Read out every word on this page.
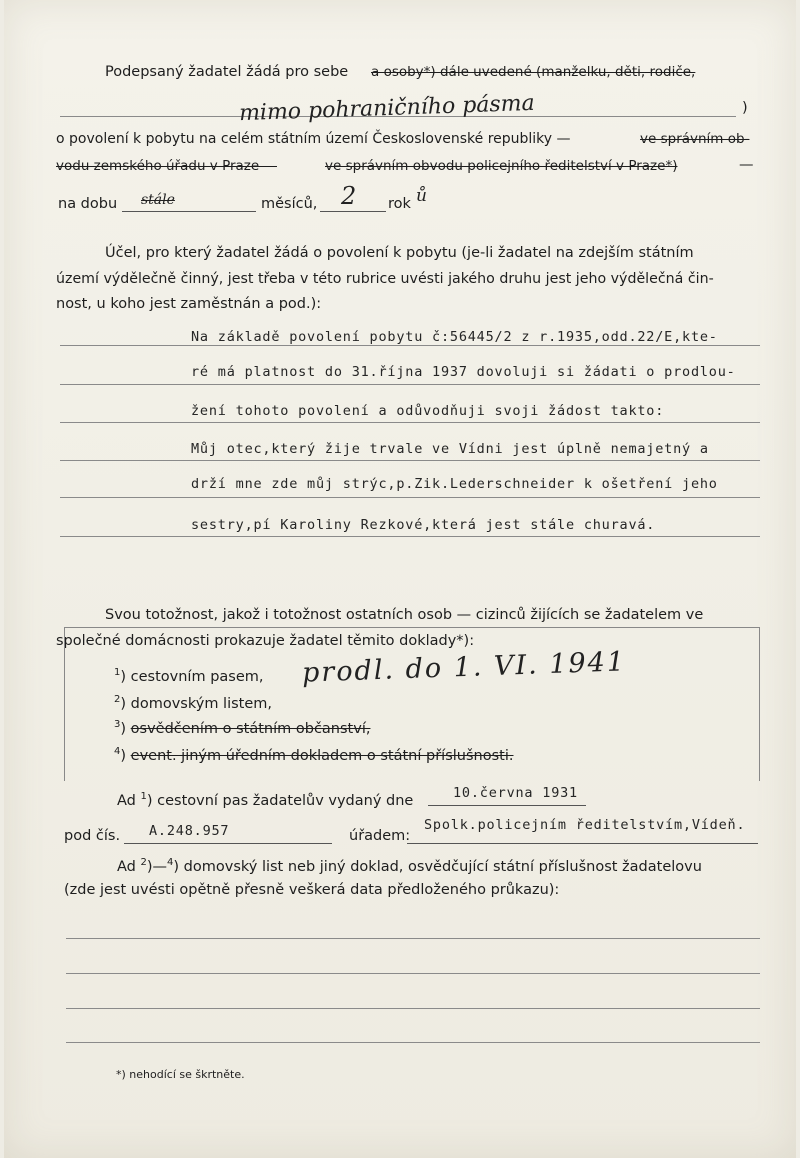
Podepsaný žadatel žádá pro sebe a osoby*) dále uvedené (manželku, děti, rodiče,
mimo pohraničního pásma	)
o povolení k pobytu na celém státním území Československé republiky —	ve správním ob-
vodu zemského úřadu v Praze —	ve správním obvodu policejního ředitelství v Praze*)	—
na dobu stále	měsíců, 2 rok ů
Účel, pro který žadatel žádá o povolení k pobytu (je-li žadatel na zdejším státním
území výdělečně činný, jest třeba v této rubrice uvésti jakého druhu jest jeho výdělečná čin-
nost, u koho jest zaměstnán a pod.):
Na základě povolení pobytu č:56445/2 z r.1935,odd.22/E,kte-
ré má platnost do 31.října 1937 dovoluji si žádati o prodlou-
žení tohoto povolení a odůvodňuji svoji žádost takto:
Můj otec,který žije trvale ve Vídni jest úplně nemajetný a
drží mne zde můj strýc,p.Zik.Lederschneider k ošetření jeho
sestry,pí Karoliny Rezkové,která jest stále churavá.
Svou totožnost, jakož i totožnost ostatních osob — cizinců žijících se žadatelem ve
společné domácnosti prokazuje žadatel těmito doklady*):
$^1$) cestovním pasem,
$^2$) domovským listem,
$^3$) osvědčením o státním občanství,
$^4$) event. jiným úředním dokladem o státní příslušnosti.
prodl. do 1. VI. 1941
Ad $^1$) cestovní pas žadatelův vydaný dne	10.června 1931
pod čís. A.248.957	úřadem:
Spolk.policejním ředitelstvím,Vídeň.
Ad $^2$)—$^4$) domovský list neb jiný doklad, osvědčující státní příslušnost žadatelovu
(zde jest uvésti opětně přesně veškerá data předloženého průkazu):
*) nehodící se škrtněte.
